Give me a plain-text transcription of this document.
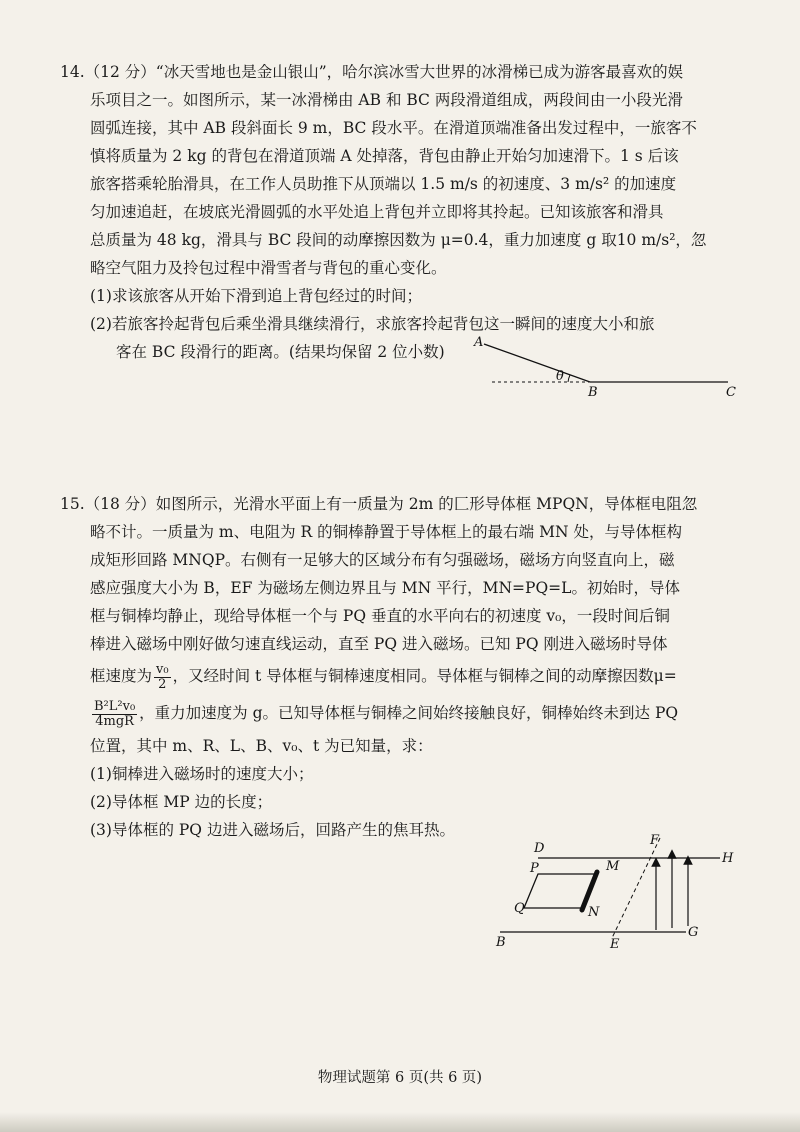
14.（12 分）“冰天雪地也是金山银山”，哈尔滨冰雪大世界的冰滑梯已成为游客最喜欢的娱

乐项目之一。如图所示，某一冰滑梯由 AB 和 BC 两段滑道组成，两段间由一小段光滑

圆弧连接，其中 AB 段斜面长 9 m，BC 段水平。在滑道顶端准备出发过程中，一旅客不

慎将质量为 2 kg 的背包在滑道顶端 A 处掉落，背包由静止开始匀加速滑下。1 s 后该

旅客搭乘轮胎滑具，在工作人员助推下从顶端以 1.5 m/s 的初速度、3 m/s² 的加速度

匀加速追赶，在坡底光滑圆弧的水平处追上背包并立即将其拎起。已知该旅客和滑具

总质量为 48 kg，滑具与 BC 段间的动摩擦因数为 μ=0.4，重力加速度 g 取10 m/s²，忽

略空气阻力及拎包过程中滑雪者与背包的重心变化。

(1)求该旅客从开始下滑到追上背包经过的时间；

(2)若旅客拎起背包后乘坐滑具继续滑行，求旅客拎起背包这一瞬间的速度大小和旅

客在 BC 段滑行的距离。(结果均保留 2 位小数)

A
B	C
θ

15.（18 分）如图所示，光滑水平面上有一质量为 2m 的匚形导体框 MPQN，导体框电阻忽

略不计。一质量为 m、电阻为 R 的铜棒静置于导体框上的最右端 MN 处，与导体框构

成矩形回路 MNQP。右侧有一足够大的区域分布有匀强磁场，磁场方向竖直向上，磁

感应强度大小为 B，EF 为磁场左侧边界且与 MN 平行，MN=PQ=L。初始时，导体

框与铜棒均静止，现给导体框一个与 PQ 垂直的水平向右的初速度 v₀，一段时间后铜

棒进入磁场中刚好做匀速直线运动，直至 PQ 进入磁场。已知 PQ 刚进入磁场时导体

框速度为 $\frac{\text{v₀}}{2}$ ，又经时间 t 导体框与铜棒速度相同。导体框与铜棒之间的动摩擦因数μ=

$\frac{\text{B²L²v₀}}{\text{4mgR}}$ ，重力加速度为 g。已知导体框与铜棒之间始终接触良好，铜棒始终未到达 PQ

位置，其中 m、R、L、B、v₀、t 为已知量，求：

(1)铜棒进入磁场时的速度大小；

(2)导体框 MP 边的长度；

(3)导体框的 PQ 边进入磁场后，回路产生的焦耳热。

D
H
F
P	M
Q	N
B	E
G
物理试题第 6 页(共 6 页)
